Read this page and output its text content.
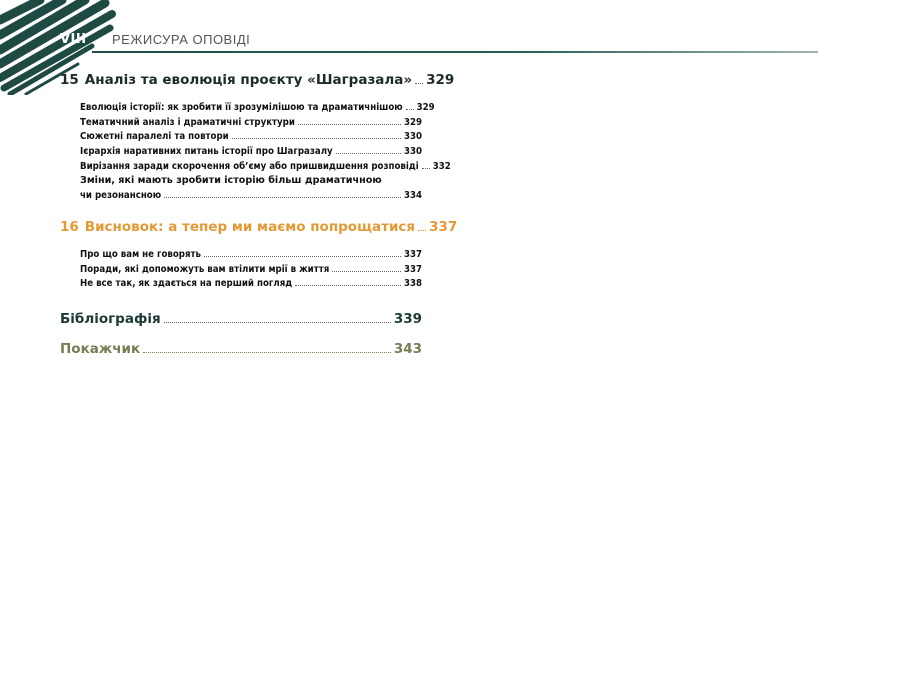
VIII РЕЖИСУРА ОПОВІДІ
15 Аналіз та еволюція проєкту «Шагразала» 329
Еволюція історії: як зробити її зрозумілішою та драматичнішою 329
Тематичний аналіз і драматичні структури	329
Сюжетні паралелі та повтори	330
Ієрархія наративних питань історії про Шагразалу	330
Вирізання заради скорочення об’єму або пришвидшення розповіді 332
Зміни, які мають зробити історію більш драматичною
чи резонансною	334
16 Висновок: а тепер ми маємо попрощатися 337
Про що вам не говорять	337
Поради, які допоможуть вам втілити мрії в життя	337
Не все так, як здається на перший погляд	338
Бібліографія	339
Покажчик	343
